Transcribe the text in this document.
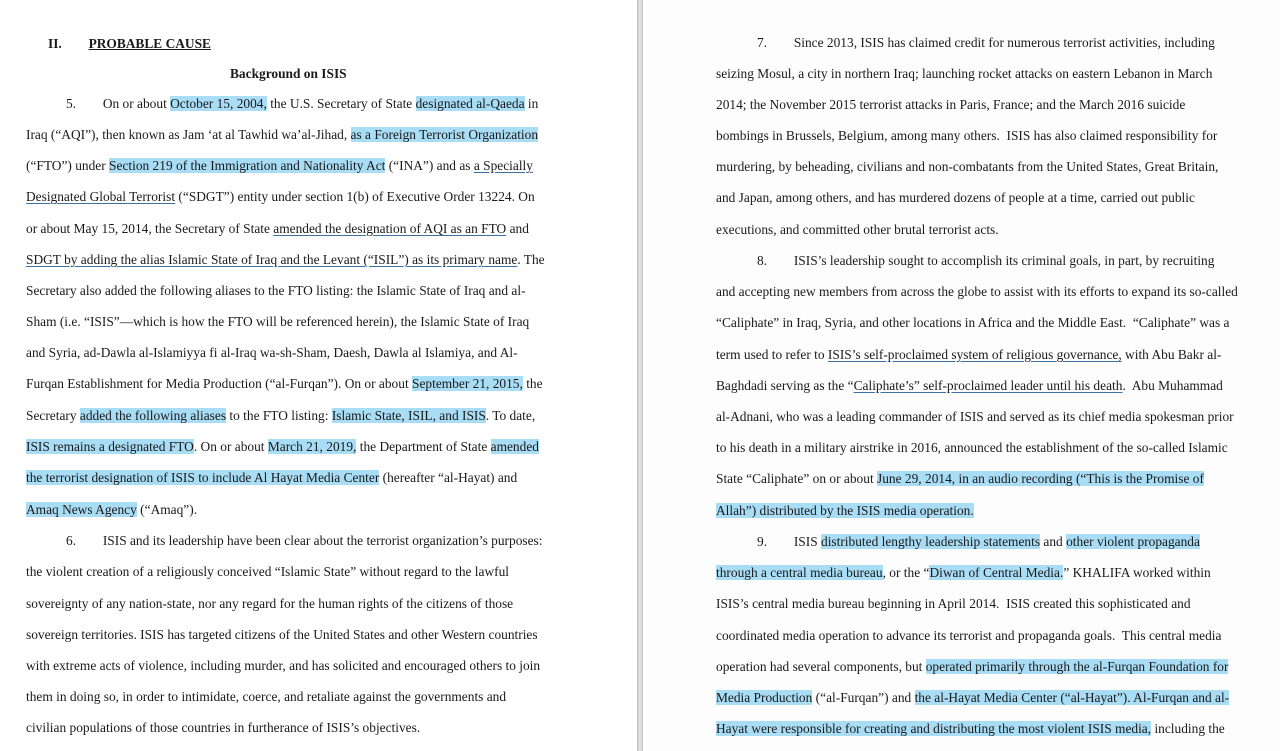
II. PROBABLE CAUSE
Background on ISIS
5.        On or about October 15, 2004, the U.S. Secretary of State designated al-Qaeda in
Iraq (“AQI”), then known as Jam ‘at al Tawhid wa’al-Jihad, as a Foreign Terrorist Organization
(“FTO”) under Section 219 of the Immigration and Nationality Act (“INA”) and as a Specially
Designated Global Terrorist (“SDGT”) entity under section 1(b) of Executive Order 13224. On
or about May 15, 2014, the Secretary of State amended the designation of AQI as an FTO and
SDGT by adding the alias Islamic State of Iraq and the Levant (“ISIL”) as its primary name. The
Secretary also added the following aliases to the FTO listing: the Islamic State of Iraq and al-
Sham (i.e. “ISIS”—which is how the FTO will be referenced herein), the Islamic State of Iraq
and Syria, ad-Dawla al-Islamiyya fi al-Iraq wa-sh-Sham, Daesh, Dawla al Islamiya, and Al-
Furqan Establishment for Media Production (“al-Furqan”). On or about September 21, 2015, the
Secretary added the following aliases to the FTO listing: Islamic State, ISIL, and ISIS. To date,
ISIS remains a designated FTO. On or about March 21, 2019, the Department of State amended
the terrorist designation of ISIS to include Al Hayat Media Center (hereafter “al-Hayat) and
Amaq News Agency (“Amaq”).
6.        ISIS and its leadership have been clear about the terrorist organization’s purposes:
the violent creation of a religiously conceived “Islamic State” without regard to the lawful
sovereignty of any nation-state, nor any regard for the human rights of the citizens of those
sovereign territories. ISIS has targeted citizens of the United States and other Western countries
with extreme acts of violence, including murder, and has solicited and encouraged others to join
them in doing so, in order to intimidate, coerce, and retaliate against the governments and
civilian populations of those countries in furtherance of ISIS’s objectives.
7.        Since 2013, ISIS has claimed credit for numerous terrorist activities, including
seizing Mosul, a city in northern Iraq; launching rocket attacks on eastern Lebanon in March
2014; the November 2015 terrorist attacks in Paris, France; and the March 2016 suicide
bombings in Brussels, Belgium, among many others.  ISIS has also claimed responsibility for
murdering, by beheading, civilians and non-combatants from the United States, Great Britain,
and Japan, among others, and has murdered dozens of people at a time, carried out public
executions, and committed other brutal terrorist acts.
8.        ISIS’s leadership sought to accomplish its criminal goals, in part, by recruiting
and accepting new members from across the globe to assist with its efforts to expand its so-called
“Caliphate” in Iraq, Syria, and other locations in Africa and the Middle East.  “Caliphate” was a
term used to refer to ISIS’s self-proclaimed system of religious governance, with Abu Bakr al-
Baghdadi serving as the “Caliphate’s” self-proclaimed leader until his death.  Abu Muhammad
al-Adnani, who was a leading commander of ISIS and served as its chief media spokesman prior
to his death in a military airstrike in 2016, announced the establishment of the so-called Islamic
State “Caliphate” on or about June 29, 2014, in an audio recording (“This is the Promise of
Allah”) distributed by the ISIS media operation.
9.        ISIS distributed lengthy leadership statements and other violent propaganda
through a central media bureau, or the “Diwan of Central Media.” KHALIFA worked within
ISIS’s central media bureau beginning in April 2014.  ISIS created this sophisticated and
coordinated media operation to advance its terrorist and propaganda goals.  This central media
operation had several components, but operated primarily through the al-Furqan Foundation for
Media Production (“al-Furqan”) and the al-Hayat Media Center (“al-Hayat”). Al-Furqan and al-
Hayat were responsible for creating and distributing the most violent ISIS media, including the
